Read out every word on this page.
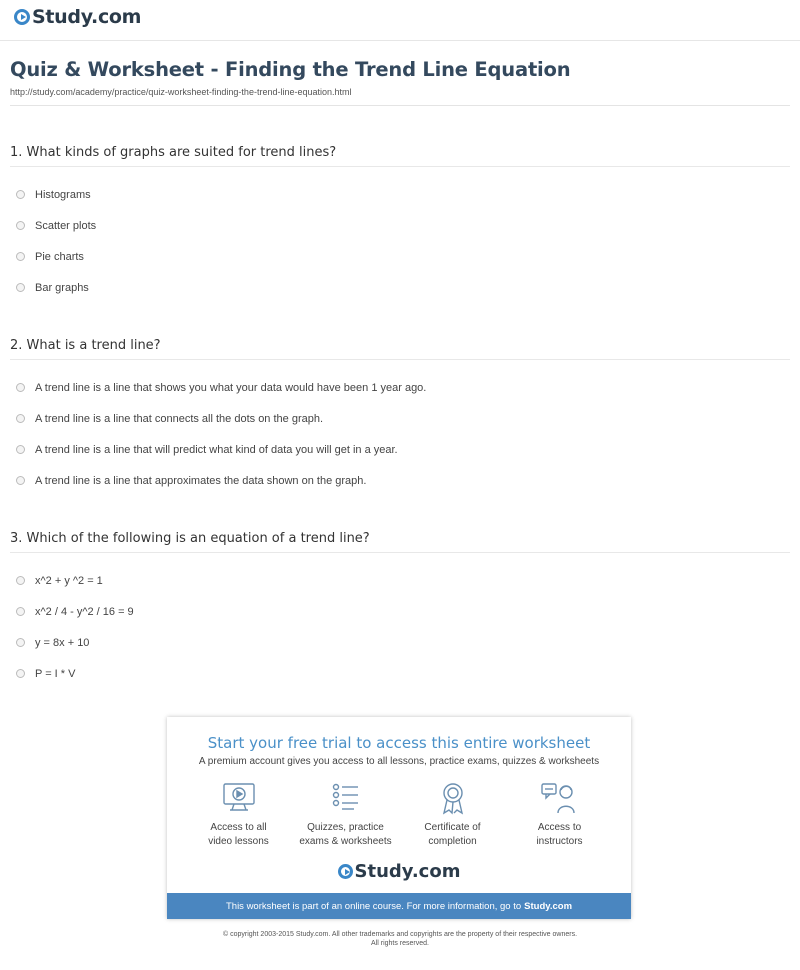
Study.com
Quiz & Worksheet - Finding the Trend Line Equation
http://study.com/academy/practice/quiz-worksheet-finding-the-trend-line-equation.html
1. What kinds of graphs are suited for trend lines?
Histograms
Scatter plots
Pie charts
Bar graphs
2. What is a trend line?
A trend line is a line that shows you what your data would have been 1 year ago.
A trend line is a line that connects all the dots on the graph.
A trend line is a line that will predict what kind of data you will get in a year.
A trend line is a line that approximates the data shown on the graph.
3. Which of the following is an equation of a trend line?
x^2 + y ^2 = 1
x^2 / 4 - y^2 / 16 = 9
y = 8x + 10
P = I * V
Start your free trial to access this entire worksheet
A premium account gives you access to all lessons, practice exams, quizzes & worksheets
Access to all
video lessons
Quizzes, practice
exams & worksheets
Certificate of
completion
Access to
instructors
Study.com
This worksheet is part of an online course. For more information, go to Study.com
© copyright 2003-2015 Study.com. All other trademarks and copyrights are the property of their respective owners.
All rights reserved.
